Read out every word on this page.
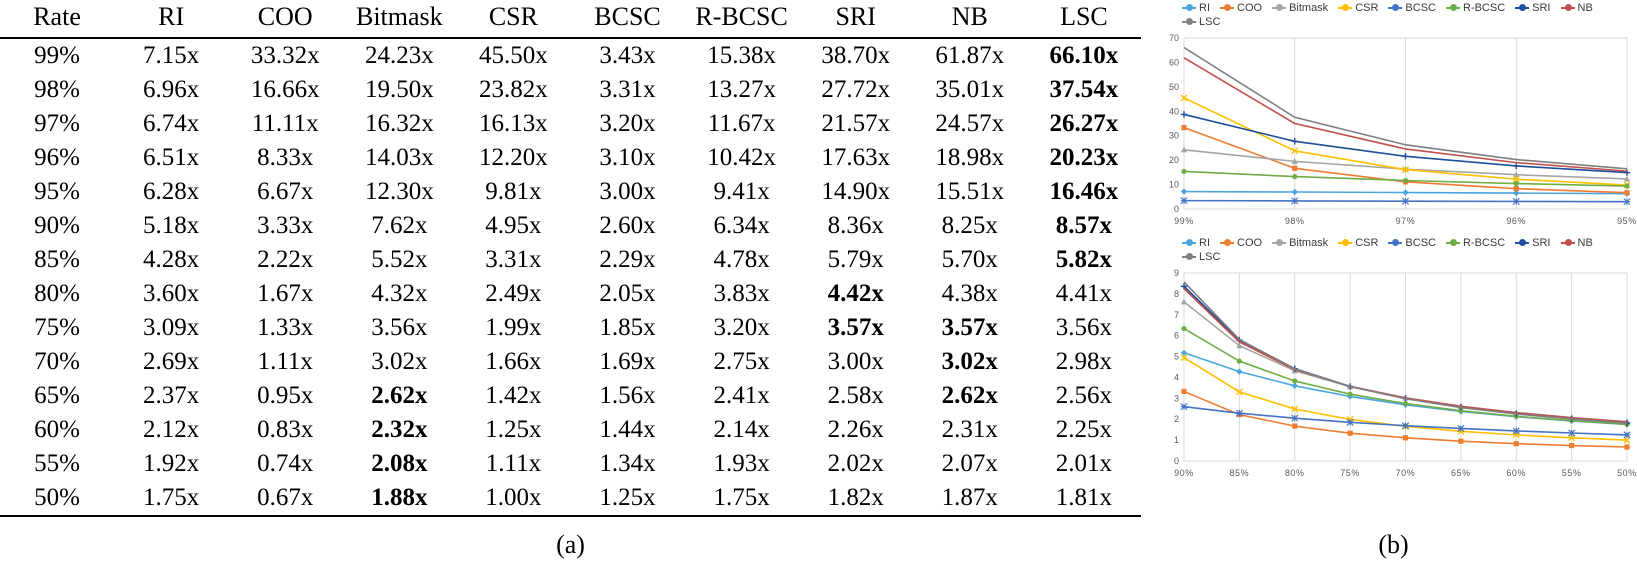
Rate	RI	COO	Bitmask	CSR	BCSC	R-BCSC	SRI	NB	LSC
99%	7.15x	33.32x	24.23x	45.50x	3.43x	15.38x	38.70x	61.87x	66.10x
98%	6.96x	16.66x	19.50x	23.82x	3.31x	13.27x	27.72x	35.01x	37.54x
97%	6.74x	11.11x	16.32x	16.13x	3.20x	11.67x	21.57x	24.57x	26.27x
96%	6.51x	8.33x	14.03x	12.20x	3.10x	10.42x	17.63x	18.98x	20.23x
95%	6.28x	6.67x	12.30x	9.81x	3.00x	9.41x	14.90x	15.51x	16.46x
90%	5.18x	3.33x	7.62x	4.95x	2.60x	6.34x	8.36x	8.25x	8.57x
85%	4.28x	2.22x	5.52x	3.31x	2.29x	4.78x	5.79x	5.70x	5.82x
80%	3.60x	1.67x	4.32x	2.49x	2.05x	3.83x	4.42x	4.38x	4.41x
75%	3.09x	1.33x	3.56x	1.99x	1.85x	3.20x	3.57x	3.57x	3.56x
70%	2.69x	1.11x	3.02x	1.66x	1.69x	2.75x	3.00x	3.02x	2.98x
65%	2.37x	0.95x	2.62x	1.42x	1.56x	2.41x	2.58x	2.62x	2.56x
60%	2.12x	0.83x	2.32x	1.25x	1.44x	2.14x	2.26x	2.31x	2.25x
55%	1.92x	0.74x	2.08x	1.11x	1.34x	1.93x	2.02x	2.07x	2.01x
50%	1.75x	0.67x	1.88x	1.00x	1.25x	1.75x	1.82x	1.87x	1.81x
(a)
RI COO Bitmask CSR BCSC R-BCSC SRI NB
LSC
0
10
20
30
40
50
60
70
99%	98%	97%	96%	95%
RI COO Bitmask CSR BCSC R-BCSC SRI NB
LSC
0
1
2
3
4
5
6
7
8
9
90%	85%	80%	75%	70%	65%	60%	55%	50%
(b)
